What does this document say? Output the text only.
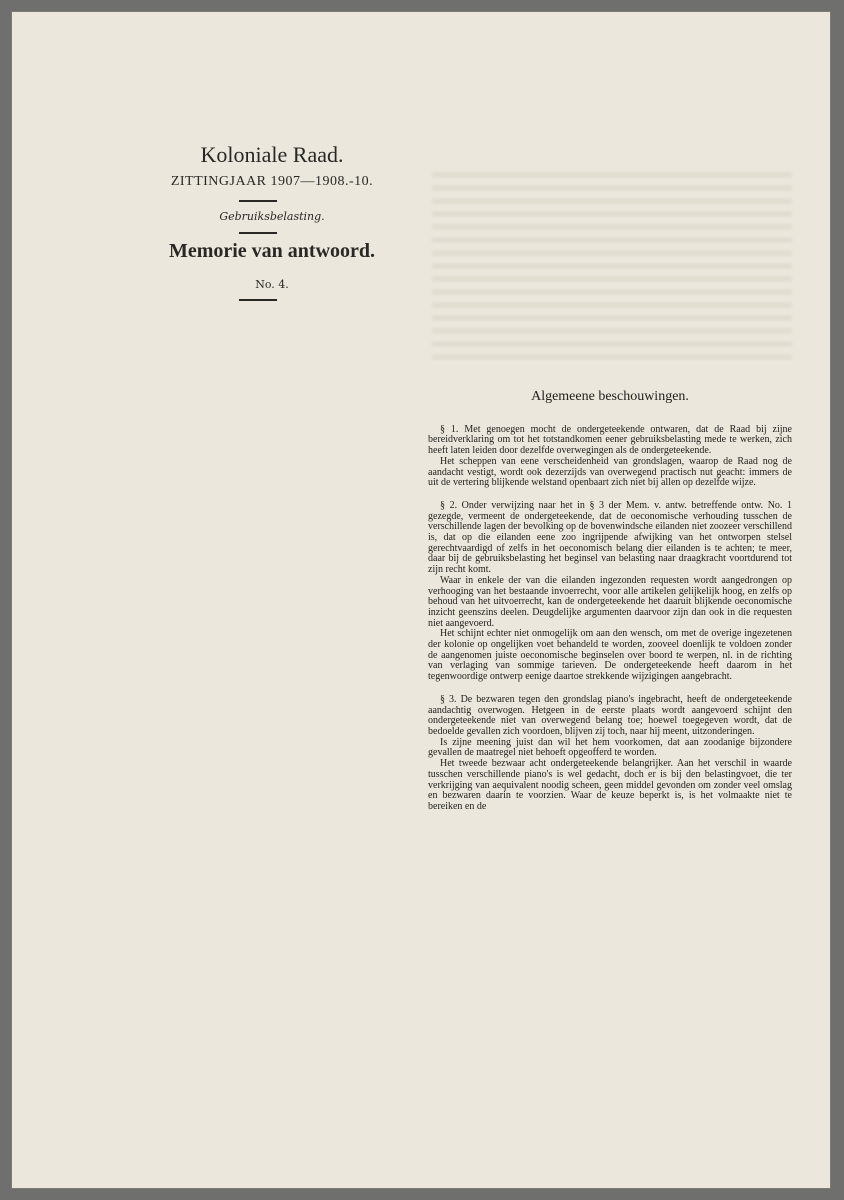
Koloniale Raad.
ZITTINGJAAR 1907—1908.-10.
Gebruiksbelasting.
Memorie van antwoord.
No. 4.
Algemeene beschouwingen.

§ 1. Met genoegen mocht de ondergeteekende ontwaren, dat de Raad bij zijne bereidverklaring om tot het totstandkomen eener gebruiksbelasting mede te werken, zich heeft laten leiden door dezelfde overwegingen als de ondergeteekende.

Het scheppen van eene verscheidenheid van grondslagen, waarop de Raad nog de aandacht vestigt, wordt ook dezerzijds van overwegend practisch nut geacht: immers de uit de vertering blijkende welstand openbaart zich niet bij allen op dezelfde wijze.

§ 2. Onder verwijzing naar het in § 3 der Mem. v. antw. betreffende ontw. No. 1 gezegde, vermeent de ondergeteekende, dat de oeconomische verhouding tusschen de verschillende lagen der bevolking op de bovenwindsche eilanden niet zoozeer verschillend is, dat op die eilanden eene zoo ingrijpende afwijking van het ontworpen stelsel gerechtvaardigd of zelfs in het oeconomisch belang dier eilanden is te achten; te meer, daar bij de gebruiksbelasting het beginsel van belasting naar draagkracht voortdurend tot zijn recht komt.

Waar in enkele der van die eilanden ingezonden requesten wordt aangedrongen op verhooging van het bestaande invoerrecht, voor alle artikelen gelijkelijk hoog, en zelfs op behoud van het uitvoerrecht, kan de ondergeteekende het daaruit blijkende oeconomische inzicht geenszins deelen. Deugdelijke argumenten daarvoor zijn dan ook in die requesten niet aangevoerd.

Het schijnt echter niet onmogelijk om aan den wensch, om met de overige ingezetenen der kolonie op ongelijken voet behandeld te worden, zooveel doenlijk te voldoen zonder de aangenomen juiste oeconomische beginselen over boord te werpen, nl. in de richting van verlaging van sommige tarieven. De ondergeteekende heeft daarom in het tegenwoordige ontwerp eenige daartoe strekkende wijzigingen aangebracht.

§ 3. De bezwaren tegen den grondslag piano's ingebracht, heeft de ondergeteekende aandachtig overwogen. Hetgeen in de eerste plaats wordt aangevoerd schijnt den ondergeteekende niet van overwegend belang toe; hoewel toegegeven wordt, dat de bedoelde gevallen zich voordoen, blijven zij toch, naar hij meent, uitzonderingen.

Is zijne meening juist dan wil het hem voorkomen, dat aan zoodanige bijzondere gevallen de maatregel niet behoeft opgeofferd te worden.

Het tweede bezwaar acht ondergeteekende belangrijker. Aan het verschil in waarde tusschen verschillende piano's is wel gedacht, doch er is bij den belastingvoet, die ter verkrijging van aequivalent noodig scheen, geen middel gevonden om zonder veel omslag en bezwaren daarin te voorzien. Waar de keuze beperkt is, is het volmaakte niet te bereiken en de
